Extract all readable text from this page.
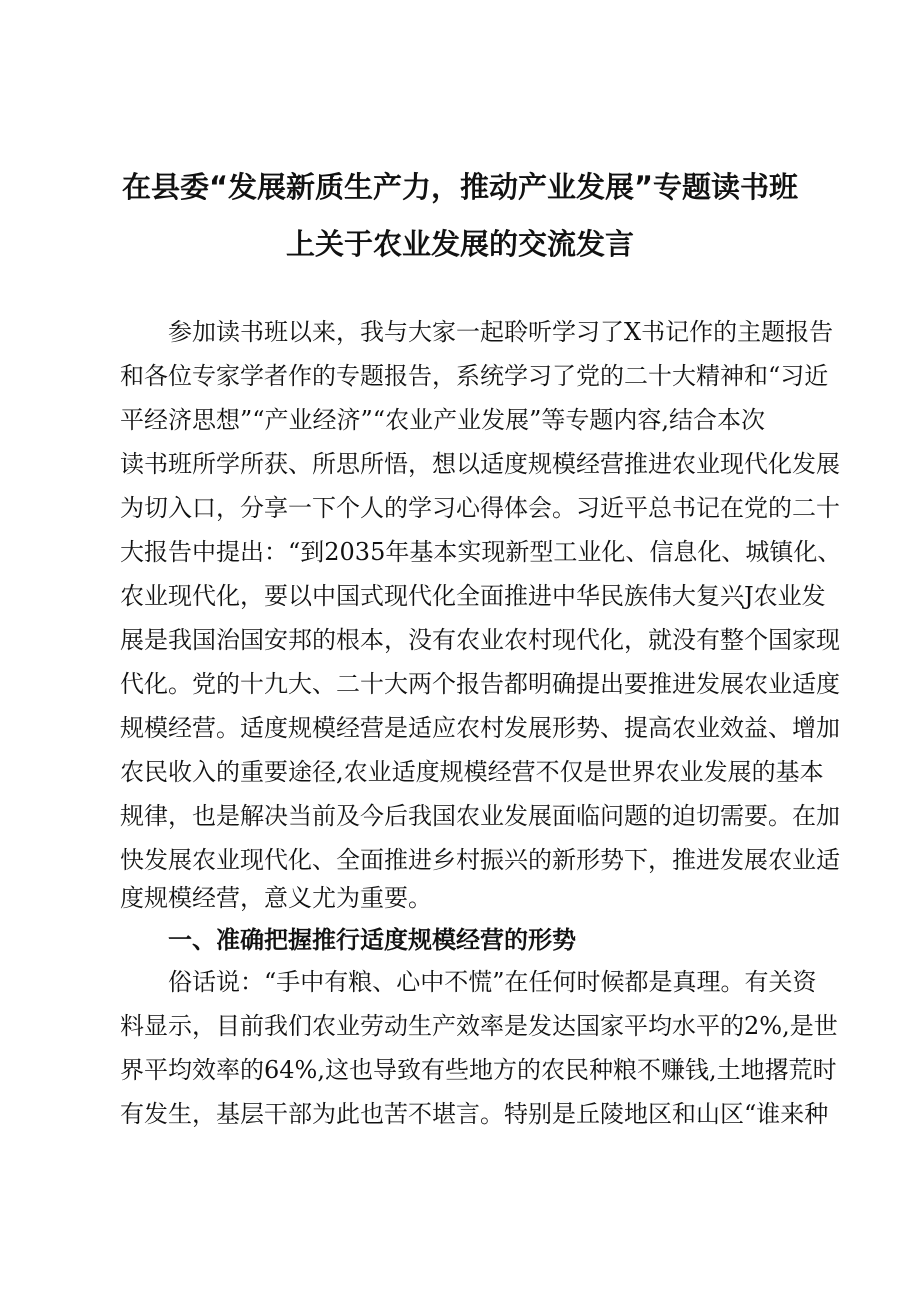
在县委“发展新质生产力，推动产业发展”专题读书班
上关于农业发展的交流发言
参加读书班以来，我与大家一起聆听学习了X书记作的主题报告
和各位专家学者作的专题报告，系统学习了党的二十大精神和“习近
平经济思想”“产业经济”“农业产业发展”等专题内容,结合本次
读书班所学所获、所思所悟，想以适度规模经营推进农业现代化发展
为切入口，分享一下个人的学习心得体会。习近平总书记在党的二十
大报告中提出：“到2035年基本实现新型工业化、信息化、城镇化、
农业现代化，要以中国式现代化全面推进中华民族伟大复兴J农业发
展是我国治国安邦的根本，没有农业农村现代化，就没有整个国家现
代化。党的十九大、二十大两个报告都明确提出要推进发展农业适度
规模经营。适度规模经营是适应农村发展形势、提高农业效益、增加
农民收入的重要途径,农业适度规模经营不仅是世界农业发展的基本
规律，也是解决当前及今后我国农业发展面临问题的迫切需要。在加
快发展农业现代化、全面推进乡村振兴的新形势下，推进发展农业适
度规模经营，意义尤为重要。
一、准确把握推行适度规模经营的形势
俗话说：“手中有粮、心中不慌”在任何时候都是真理。有关资
料显示，目前我们农业劳动生产效率是发达国家平均水平的2%,是世
界平均效率的64%,这也导致有些地方的农民种粮不赚钱,土地撂荒时
有发生，基层干部为此也苦不堪言。特别是丘陵地区和山区“谁来种
